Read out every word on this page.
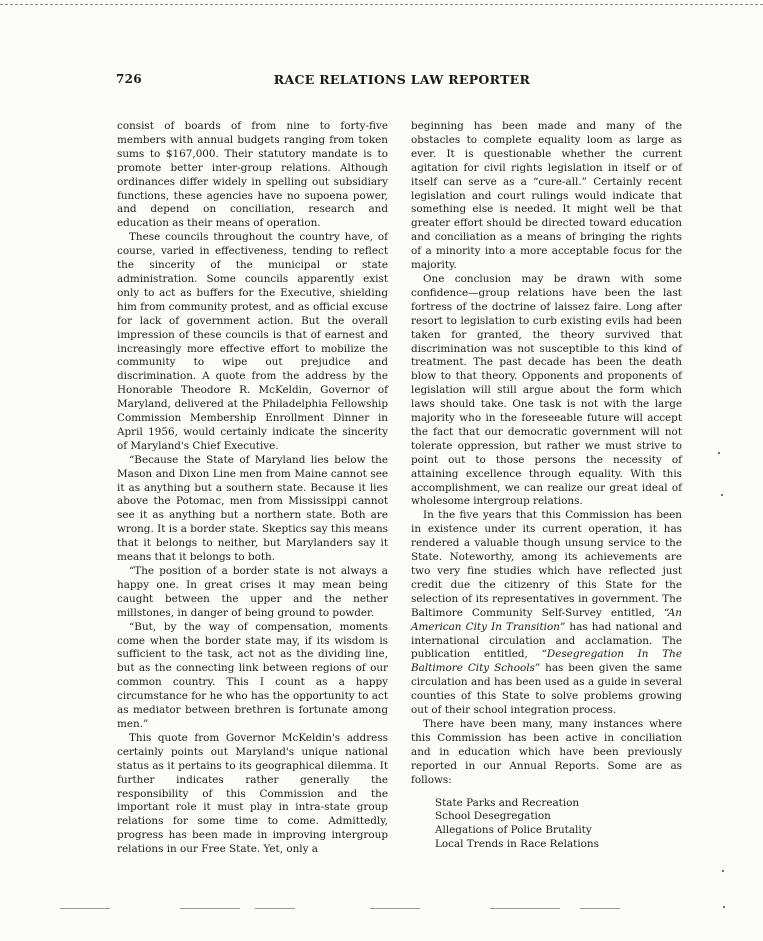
726	RACE RELATIONS LAW REPORTER

consist of boards of from nine to forty-five members with annual budgets ranging from token sums to $167,000. Their statutory mandate is to promote better inter-group relations. Although ordinances differ widely in spelling out subsidiary functions, these agencies have no supoena power, and depend on conciliation, research and education as their means of operation.

These councils throughout the country have, of course, varied in effectiveness, tending to reflect the sincerity of the municipal or state administration. Some councils apparently exist only to act as buffers for the Executive, shielding him from community protest, and as official excuse for lack of government action. But the overall impression of these councils is that of earnest and increasingly more effective effort to mobilize the community to wipe out prejudice and discrimination. A quote from the address by the Honorable Theodore R. McKeldin, Governor of Maryland, delivered at the Philadelphia Fellowship Commission Membership Enrollment Dinner in April 1956, would certainly indicate the sincerity of Maryland's Chief Executive.

“Because the State of Maryland lies below the Mason and Dixon Line men from Maine cannot see it as anything but a southern state. Because it lies above the Potomac, men from Mississippi cannot see it as anything but a northern state. Both are wrong. It is a border state. Skeptics say this means that it belongs to neither, but Marylanders say it means that it belongs to both.

“The position of a border state is not always a happy one. In great crises it may mean being caught between the upper and the nether millstones, in danger of being ground to powder.

“But, by the way of compensation, moments come when the border state may, if its wisdom is sufficient to the task, act not as the dividing line, but as the connecting link between regions of our common country. This I count as a happy circumstance for he who has the opportunity to act as mediator between brethren is fortunate among men.”

This quote from Governor McKeldin's address certainly points out Maryland's unique national status as it pertains to its geographical dilemma. It further indicates rather generally the responsibility of this Commission and the important role it must play in intra-state group relations for some time to come. Admittedly, progress has been made in improving intergroup relations in our Free State. Yet, only a

beginning has been made and many of the obstacles to complete equality loom as large as ever. It is questionable whether the current agitation for civil rights legislation in itself or of itself can serve as a “cure-all.” Certainly recent legislation and court rulings would indicate that something else is needed. It might well be that greater effort should be directed toward education and conciliation as a means of bringing the rights of a minority into a more acceptable focus for the majority.

One conclusion may be drawn with some confidence—group relations have been the last fortress of the doctrine of laissez faire. Long after resort to legislation to curb existing evils had been taken for granted, the theory survived that discrimination was not susceptible to this kind of treatment. The past decade has been the death blow to that theory. Opponents and proponents of legislation will still argue about the form which laws should take. One task is not with the large majority who in the foreseeable future will accept the fact that our democratic government will not tolerate oppression, but rather we must strive to point out to those persons the necessity of attaining excellence through equality. With this accomplishment, we can realize our great ideal of wholesome intergroup relations.

In the five years that this Commission has been in existence under its current operation, it has rendered a valuable though unsung service to the State. Noteworthy, among its achievements are two very fine studies which have reflected just credit due the citizenry of this State for the selection of its representatives in government. The Baltimore Community Self-Survey entitled, “An American City In Transition” has had national and international circulation and acclamation. The publication entitled, “Desegregation In The Baltimore City Schools” has been given the same circulation and has been used as a guide in several counties of this State to solve problems growing out of their school integration process.

There have been many, many instances where this Commission has been active in conciliation and in education which have been previously reported in our Annual Reports. Some are as follows:

State Parks and Recreation
School Desegregation
Allegations of Police Brutality
Local Trends in Race Relations
